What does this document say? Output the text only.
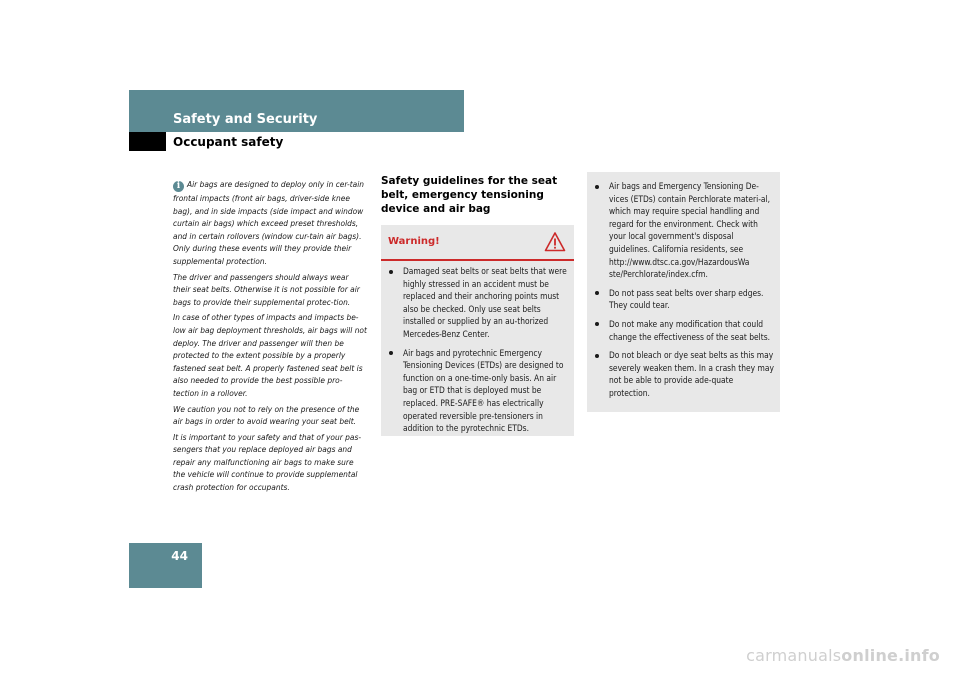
Safety and Security
Occupant safety

i Air bags are designed to deploy only in cer-tain frontal impacts (front air bags, driver-side knee bag), and in side impacts (side impact and window curtain air bags) which exceed preset thresholds, and in certain rollovers (window cur-tain air bags). Only during these events will they provide their supplemental protection.

The driver and passengers should always wear their seat belts. Otherwise it is not possible for air bags to provide their supplemental protec-tion.

In case of other types of impacts and impacts be-low air bag deployment thresholds, air bags will not deploy. The driver and passenger will then be protected to the extent possible by a properly fastened seat belt. A properly fastened seat belt is also needed to provide the best possible pro-tection in a rollover.

We caution you not to rely on the presence of the air bags in order to avoid wearing your seat belt.

It is important to your safety and that of your pas-sengers that you replace deployed air bags and repair any malfunctioning air bags to make sure the vehicle will continue to provide supplemental crash protection for occupants.

Safety guidelines for the seat belt, emergency tensioning device and air bag

Warning!

Damaged seat belts or seat belts that were highly stressed in an accident must be replaced and their anchoring points must also be checked. Only use seat belts installed or supplied by an au-thorized Mercedes-Benz Center.
Air bags and pyrotechnic Emergency Tensioning Devices (ETDs) are designed to function on a one-time-only basis. An air bag or ETD that is deployed must be replaced. PRE-SAFE® has electrically operated reversible pre-tensioners in addition to the pyrotechnic ETDs.
Air bags and Emergency Tensioning De-vices (ETDs) contain Perchlorate materi-al, which may require special handling and regard for the environment. Check with your local government's disposal guidelines. California residents, see http://www.dtsc.ca.gov/HazardousWa ste/Perchlorate/index.cfm.
Do not pass seat belts over sharp edges. They could tear.
Do not make any modification that could change the effectiveness of the seat belts.
Do not bleach or dye seat belts as this may severely weaken them. In a crash they may not be able to provide ade-quate protection.

44

carmanualsonline.info
